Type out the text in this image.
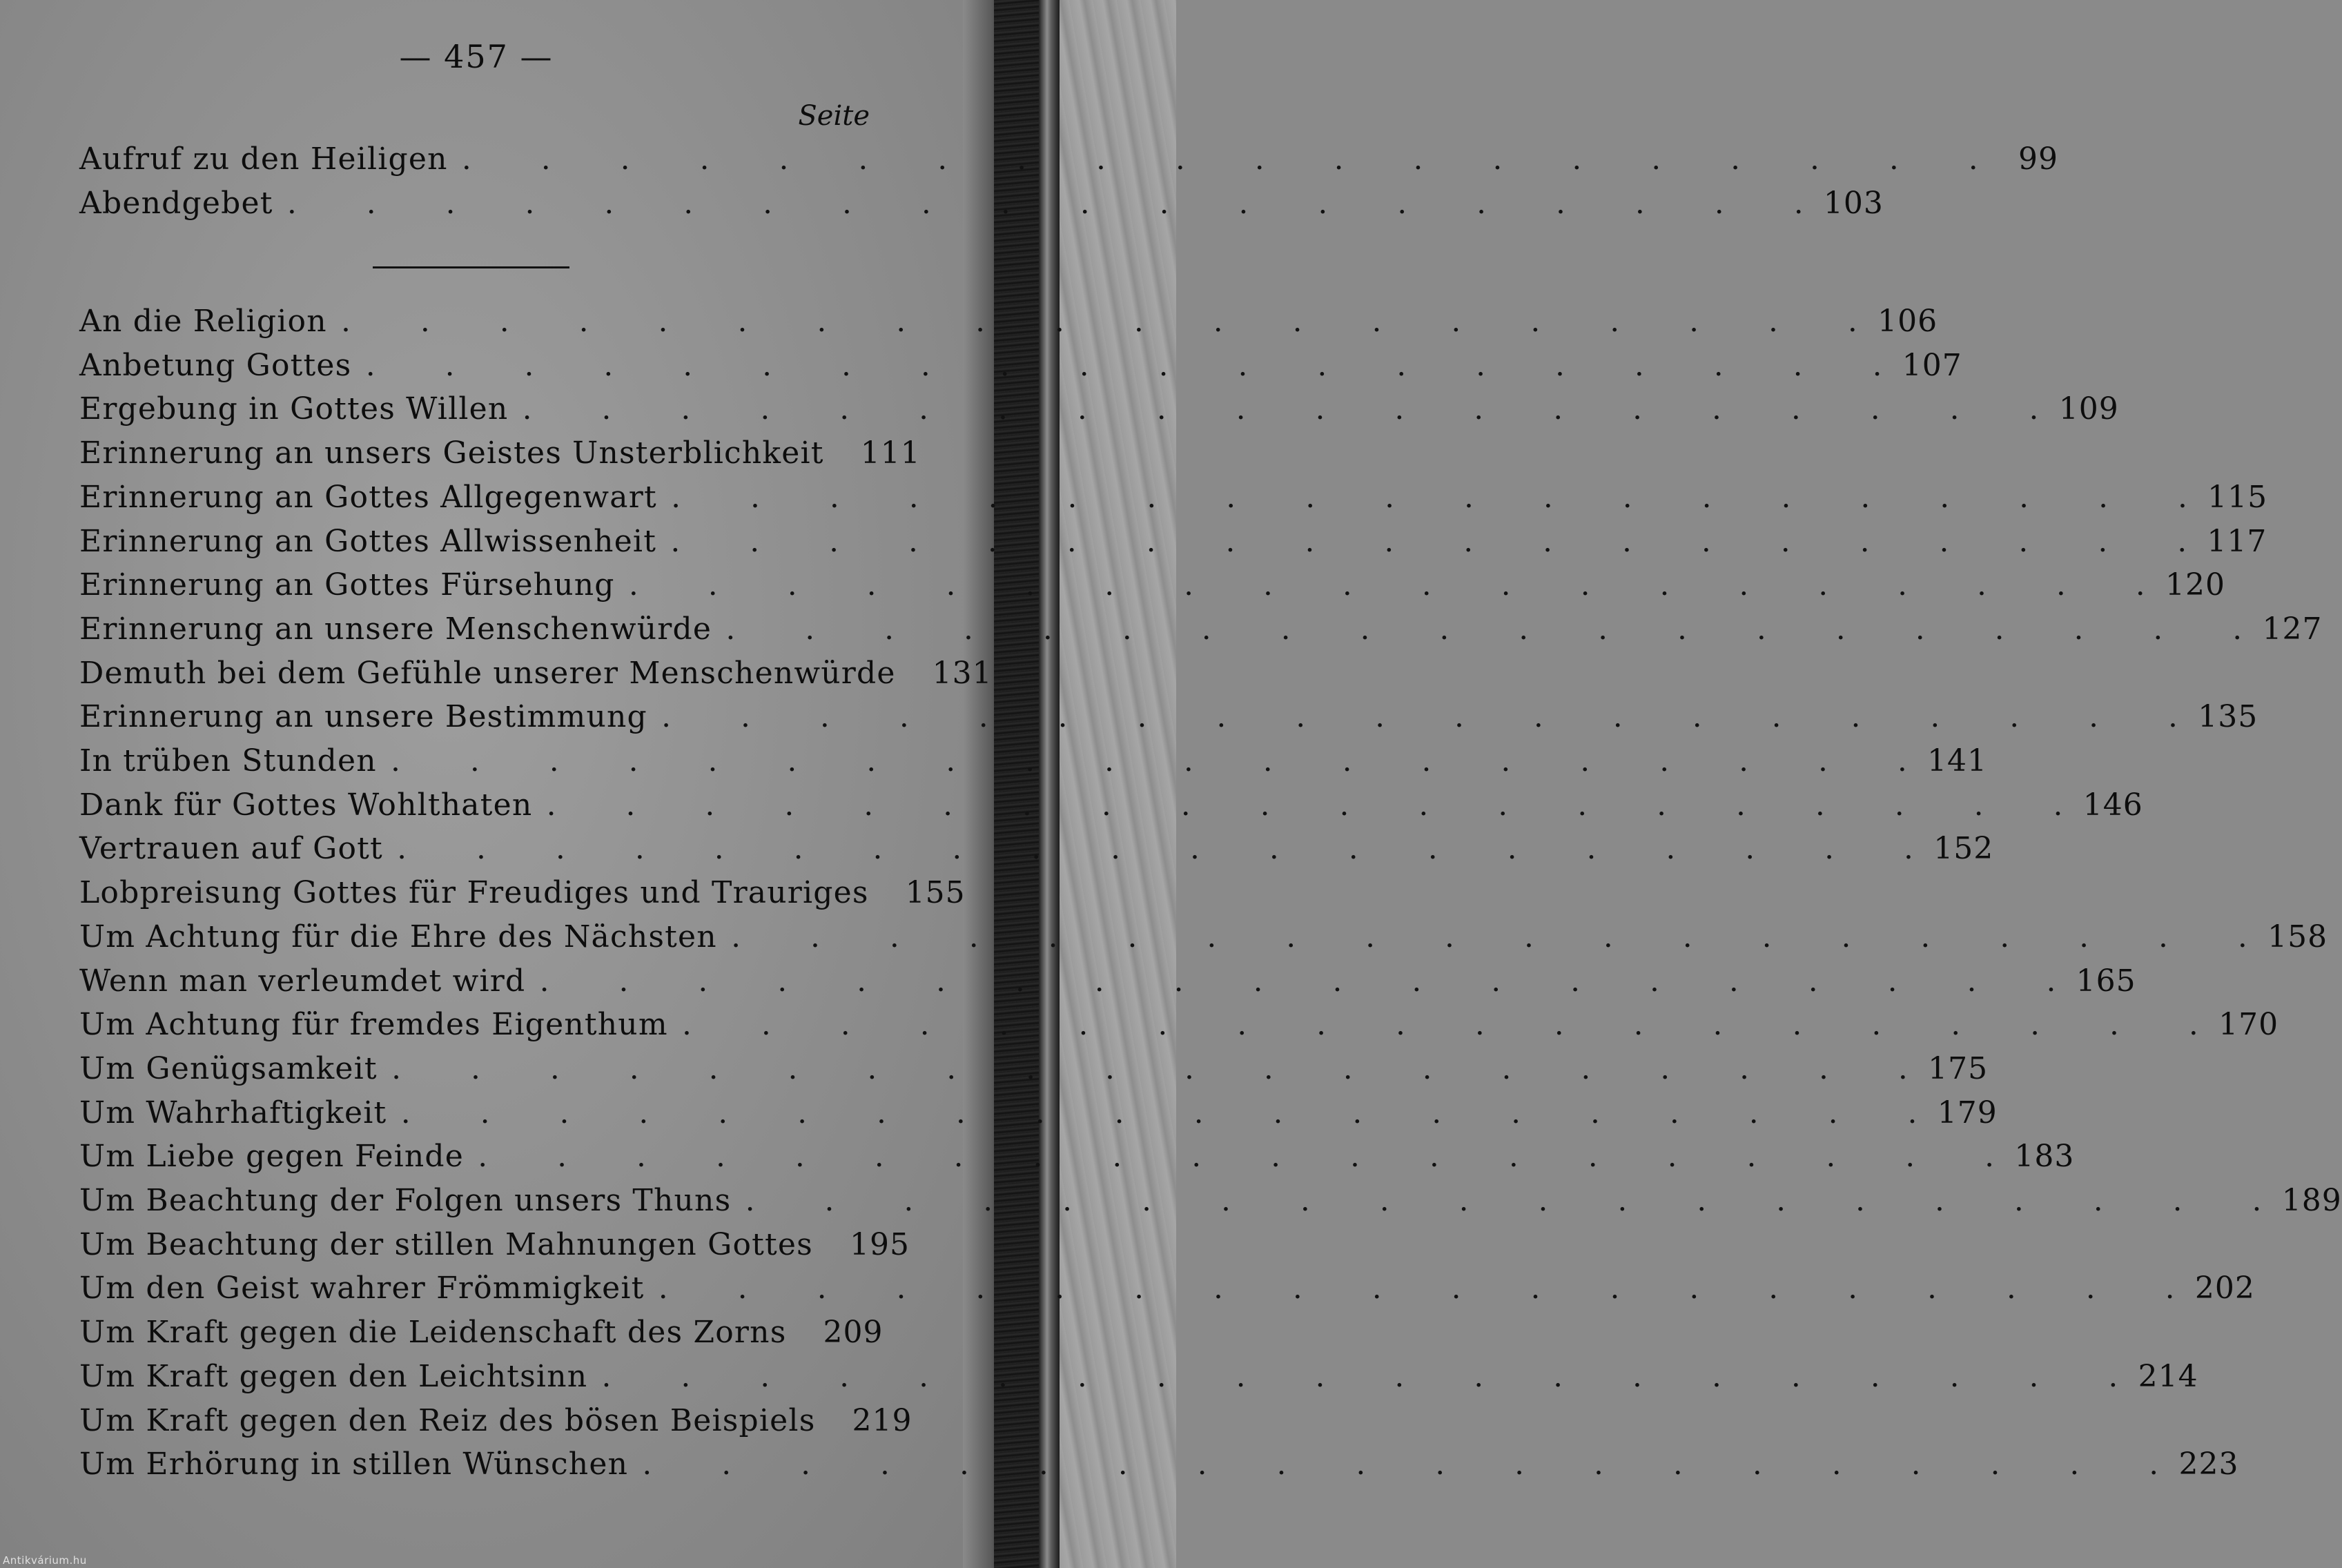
— 457 —
Seite
Aufruf zu den Heiligen .	99
Abendgebet .	103
An die Religion .	106
Anbetung Gottes .	107
Ergebung in Gottes Willen .	109
Erinnerung an unsers Geistes Unsterblichkeit 111
Erinnerung an Gottes Allgegenwart .	115
Erinnerung an Gottes Allwissenheit .	117
Erinnerung an Gottes Fürsehung .	120
Erinnerung an unsere Menschenwürde .	127
Demuth bei dem Gefühle unserer Menschenwürde 131
Erinnerung an unsere Bestimmung .	135
In trüben Stunden .	141
Dank für Gottes Wohlthaten .	146
Vertrauen auf Gott .	152
Lobpreisung Gottes für Freudiges und Trauriges 155
Um Achtung für die Ehre des Nächsten .	158
Wenn man verleumdet wird .	165
Um Achtung für fremdes Eigenthum .	170
Um Genügsamkeit .	175
Um Wahrhaftigkeit .	179
Um Liebe gegen Feinde .	183
Um Beachtung der Folgen unsers Thuns .	189
Um Beachtung der stillen Mahnungen Gottes 195
Um den Geist wahrer Frömmigkeit .	202
Um Kraft gegen die Leidenschaft des Zorns 209
Um Kraft gegen den Leichtsinn .	214
Um Kraft gegen den Reiz des bösen Beispiels 219
Um Erhörung in stillen Wünschen .	223
Antikvárium.hu
